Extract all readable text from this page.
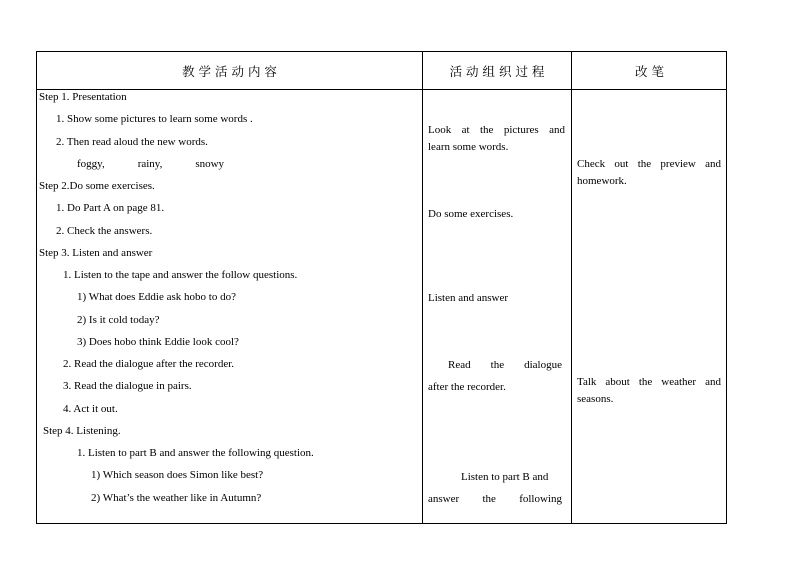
教 学 活 动 内 容	活 动 组 织 过 程	改 笔
Step 1. Presentation
1. Show some pictures to learn some words .
2. Then read aloud the new words.
foggy,            rainy,            snowy
Step 2.Do some exercises.
1. Do Part A on page 81.
2. Check the answers.
Step 3. Listen and answer
1. Listen to the tape and answer the follow questions.
1) What does Eddie ask hobo to do?
2) Is it cold today?
3) Does hobo think Eddie look cool?
2. Read the dialogue after the recorder.
3. Read the dialogue in pairs.
4. Act it out.
Step 4. Listening.
1. Listen to part B and answer the following question.
1) Which season does Simon like best?
2) What’s the weather like in Autumn?
Look at the pictures and
learn some words.
Do some exercises.
Listen and answer
Read the dialogue
after the recorder.
Listen to part B and
answer the following
Check out the preview and
homework.
Talk about the weather and
seasons.
